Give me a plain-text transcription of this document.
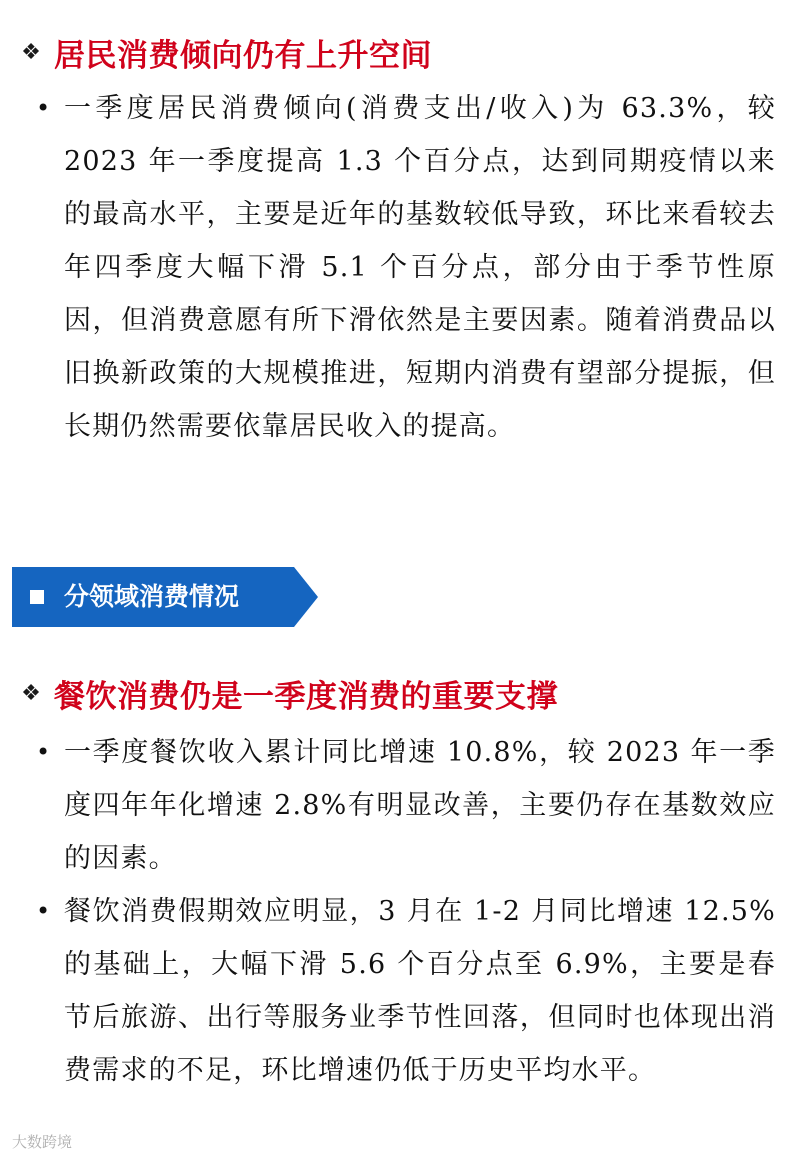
❖ 居民消费倾向仍有上升空间

• 一季度居民消费倾向(消费支出/收入)为 63.3%，较 2023 年一季度提高 1.3 个百分点，达到同期疫情以来的最高水平，主要是近年的基数较低导致，环比来看较去年四季度大幅下滑 5.1 个百分点，部分由于季节性原因，但消费意愿有所下滑依然是主要因素。随着消费品以旧换新政策的大规模推进，短期内消费有望部分提振，但长期仍然需要依靠居民收入的提高。

分领域消费情况
❖ 餐饮消费仍是一季度消费的重要支撑

• 一季度餐饮收入累计同比增速 10.8%，较 2023 年一季度四年年化增速 2.8%有明显改善，主要仍存在基数效应的因素。

• 餐饮消费假期效应明显，3 月在 1-2 月同比增速 12.5%的基础上，大幅下滑 5.6 个百分点至 6.9%，主要是春节后旅游、出行等服务业季节性回落，但同时也体现出消费需求的不足，环比增速仍低于历史平均水平。

大数跨境
